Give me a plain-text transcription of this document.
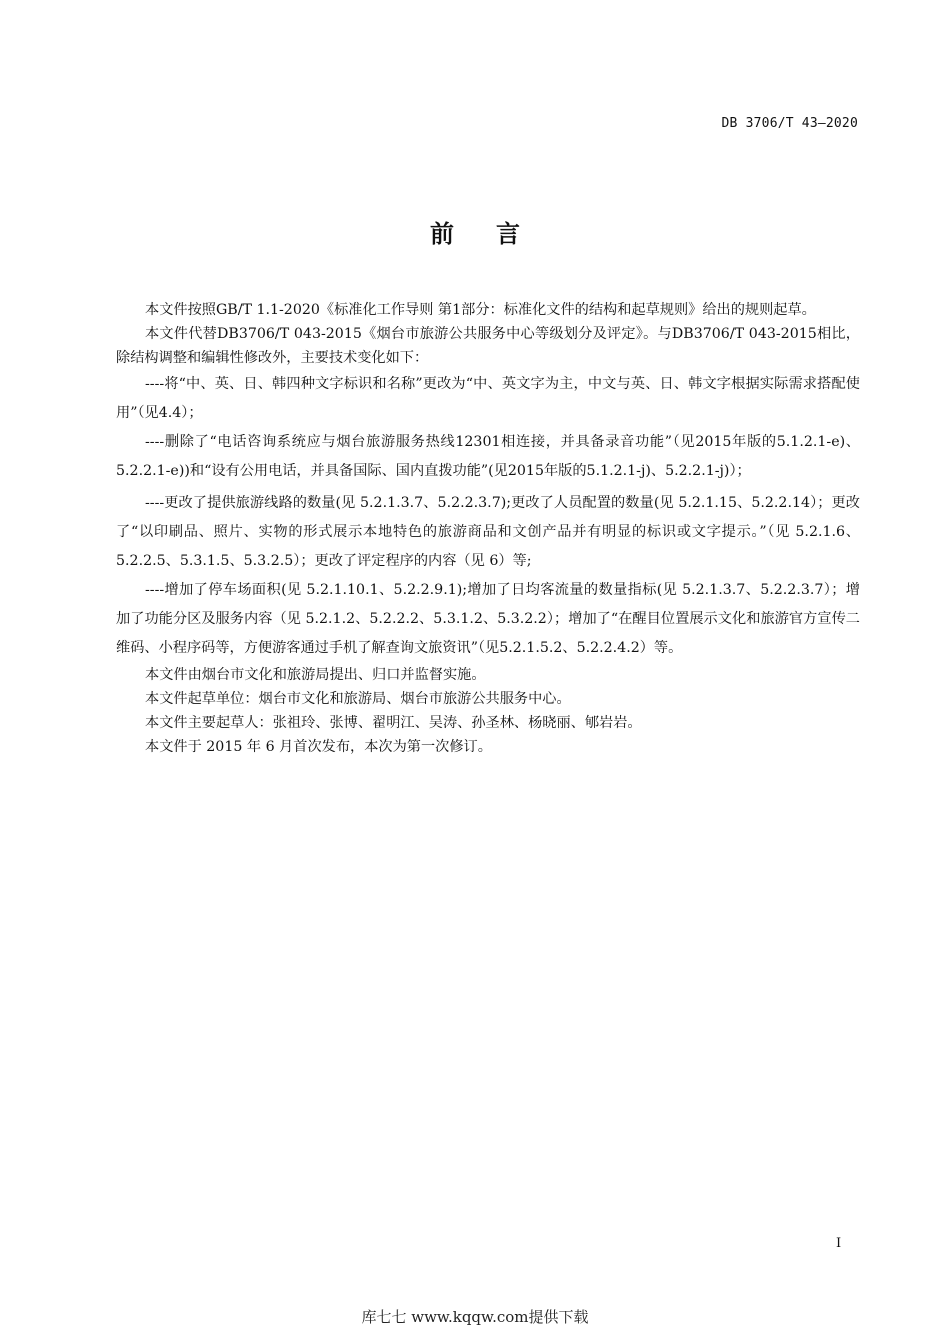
DB 3706/T 43—2020
前言

本文件按照GB/T 1.1-2020《标准化工作导则 第1部分：标准化文件的结构和起草规则》给出的规则起草。

本文件代替DB3706/T 043-2015《烟台市旅游公共服务中心等级划分及评定》。与DB3706/T 043-2015相比，除结构调整和编辑性修改外，主要技术变化如下：

----将“中、英、日、韩四种文字标识和名称”更改为“中、英文字为主，中文与英、日、韩文字根据实际需求搭配使用”（见4.4）；

----删除了“电话咨询系统应与烟台旅游服务热线12301相连接，并具备录音功能”（见2015年版的5.1.2.1-e)、5.2.2.1-e))和“设有公用电话，并具备国际、国内直拨功能”(见2015年版的5.1.2.1-j)、5.2.2.1-j)）；

----更改了提供旅游线路的数量(见 5.2.1.3.7、5.2.2.3.7);更改了人员配置的数量(见 5.2.1.15、5.2.2.14）；更改了“以印刷品、照片、实物的形式展示本地特色的旅游商品和文创产品并有明显的标识或文字提示。”（见 5.2.1.6、5.2.2.5、5.3.1.5、5.3.2.5）；更改了评定程序的内容（见 6）等;

----增加了停车场面积(见 5.2.1.10.1、5.2.2.9.1);增加了日均客流量的数量指标(见 5.2.1.3.7、5.2.2.3.7）；增加了功能分区及服务内容（见 5.2.1.2、5.2.2.2、5.3.1.2、5.3.2.2）；增加了“在醒目位置展示文化和旅游官方宣传二维码、小程序码等，方便游客通过手机了解查询文旅资讯”（见5.2.1.5.2、5.2.2.4.2）等。

本文件由烟台市文化和旅游局提出、归口并监督实施。

本文件起草单位：烟台市文化和旅游局、烟台市旅游公共服务中心。

本文件主要起草人：张祖玲、张博、翟明江、吴涛、孙圣林、杨晓丽、郇岩岩。

本文件于 2015 年 6 月首次发布，本次为第一次修订。

I
库七七 www.kqqw.com提供下载
